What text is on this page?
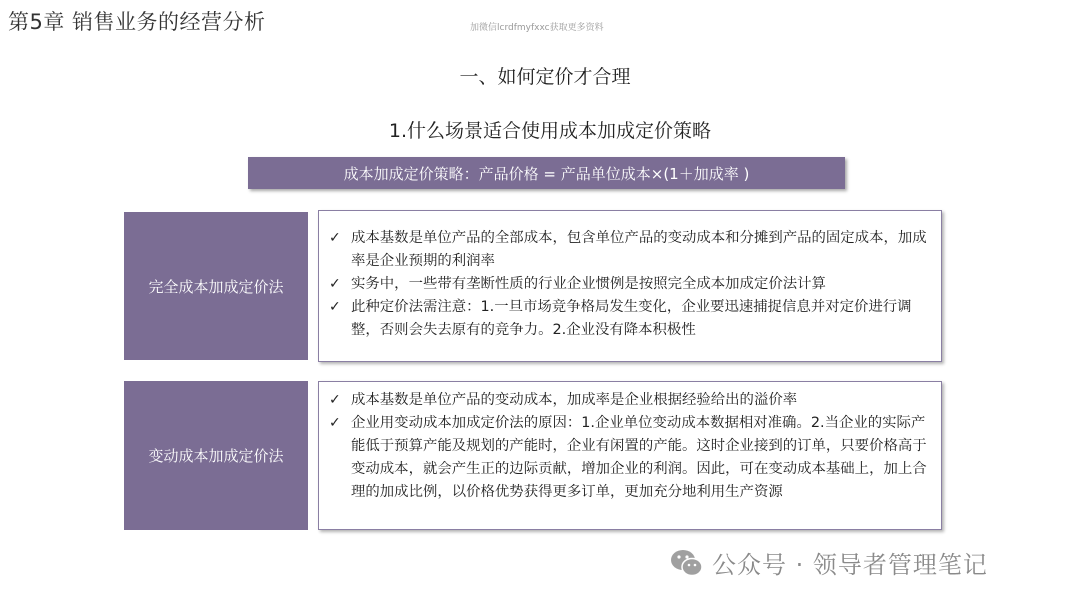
第5章 销售业务的经营分析	加微信lcrdfmyfxxc获取更多资料
一、如何定价才合理
1.什么场景适合使用成本加成定价策略
成本加成定价策略：产品价格 = 产品单位成本×(1＋加成率 )
完全成本加成定价法
✓ 成本基数是单位产品的全部成本，包含单位产品的变动成本和分摊到产品的固定成本，加成率是企业预期的利润率
✓ 实务中，一些带有垄断性质的行业企业惯例是按照完全成本加成定价法计算
✓ 此种定价法需注意：1.一旦市场竞争格局发生变化，企业要迅速捕捉信息并对定价进行调整，否则会失去原有的竞争力。2.企业没有降本积极性
变动成本加成定价法
✓ 成本基数是单位产品的变动成本，加成率是企业根据经验给出的溢价率
✓ 企业用变动成本加成定价法的原因：1.企业单位变动成本数据相对准确。2.当企业的实际产能低于预算产能及规划的产能时，企业有闲置的产能。这时企业接到的订单，只要价格高于变动成本，就会产生正的边际贡献，增加企业的利润。因此，可在变动成本基础上，加上合理的加成比例，以价格优势获得更多订单，更加充分地利用生产资源
公众号 · 领导者管理笔记
